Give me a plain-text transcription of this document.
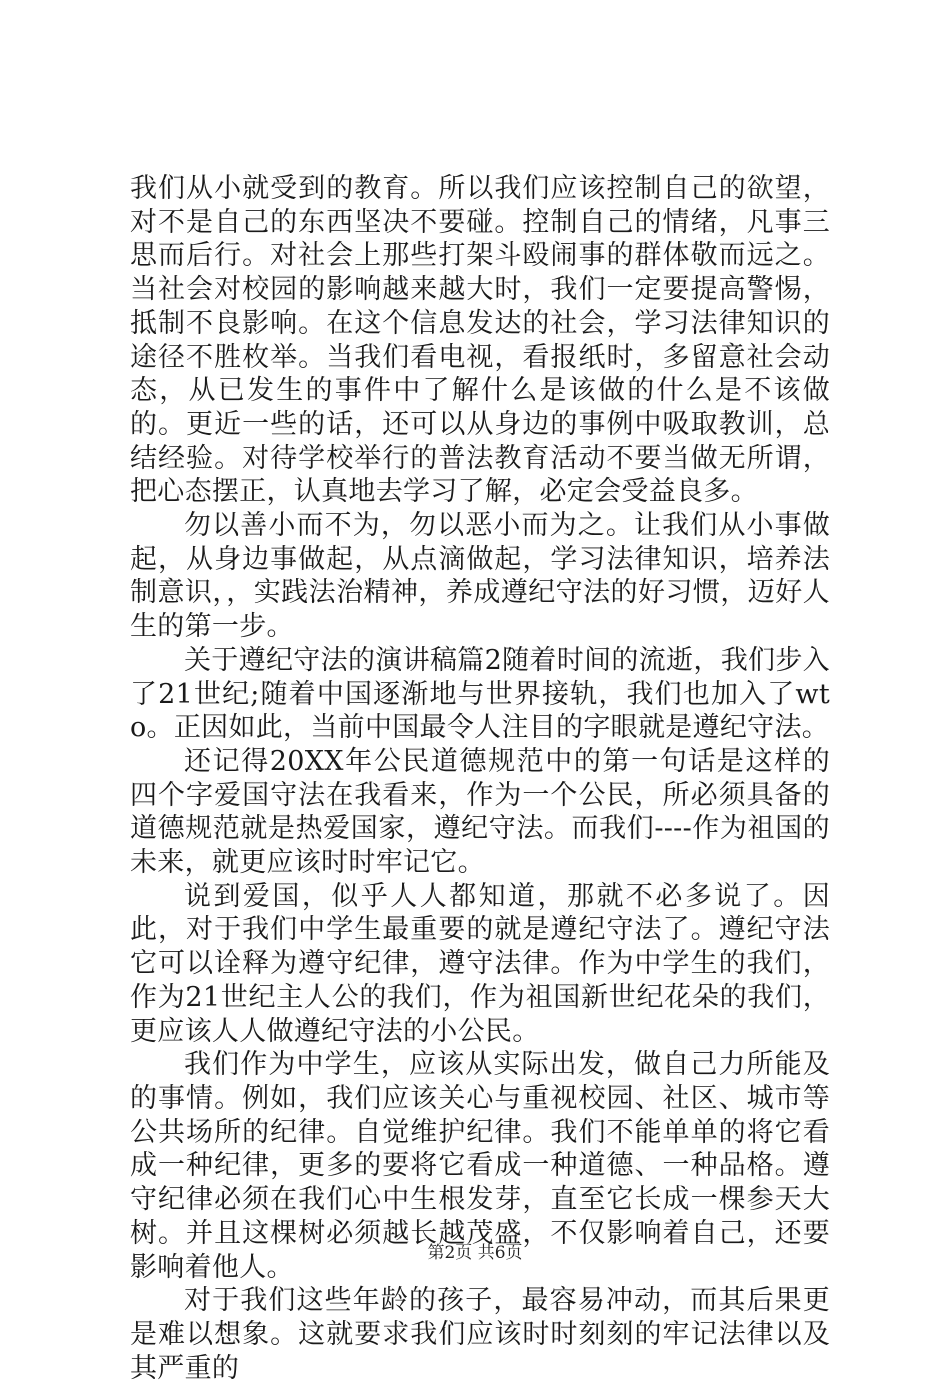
我们从小就受到的教育。所以我们应该控制自己的欲望，对不是自己的东西坚决不要碰。控制自己的情绪，凡事三思而后行。对社会上那些打架斗殴闹事的群体敬而远之。当社会对校园的影响越来越大时，我们一定要提高警惕，抵制不良影响。在这个信息发达的社会，学习法律知识的途径不胜枚举。当我们看电视，看报纸时，多留意社会动态，从已发生的事件中了解什么是该做的什么是不该做的。更近一些的话，还可以从身边的事例中吸取教训，总结经验。对待学校举行的普法教育活动不要当做无所谓，把心态摆正，认真地去学习了解，必定会受益良多。

勿以善小而不为，勿以恶小而为之。让我们从小事做起，从身边事做起，从点滴做起，学习法律知识，培养法制意识，，实践法治精神，养成遵纪守法的好习惯，迈好人生的第一步。

关于遵纪守法的演讲稿篇2随着时间的流逝，我们步入了21世纪;随着中国逐渐地与世界接轨，我们也加入了wto。正因如此，当前中国最令人注目的字眼就是遵纪守法。

还记得20XX年公民道德规范中的第一句话是这样的四个字爱国守法在我看来，作为一个公民，所必须具备的道德规范就是热爱国家，遵纪守法。而我们----作为祖国的未来，就更应该时时牢记它。

说到爱国，似乎人人都知道，那就不必多说了。因此，对于我们中学生最重要的就是遵纪守法了。遵纪守法它可以诠释为遵守纪律，遵守法律。作为中学生的我们，作为21世纪主人公的我们，作为祖国新世纪花朵的我们，更应该人人做遵纪守法的小公民。

我们作为中学生，应该从实际出发，做自己力所能及的事情。例如，我们应该关心与重视校园、社区、城市等公共场所的纪律。自觉维护纪律。我们不能单单的将它看成一种纪律，更多的要将它看成一种道德、一种品格。遵守纪律必须在我们心中生根发芽，直至它长成一棵参天大树。并且这棵树必须越长越茂盛，不仅影响着自己，还要影响着他人。

对于我们这些年龄的孩子，最容易冲动，而其后果更是难以想象。这就要求我们应该时时刻刻的牢记法律以及其严重的

第2页 共6页
